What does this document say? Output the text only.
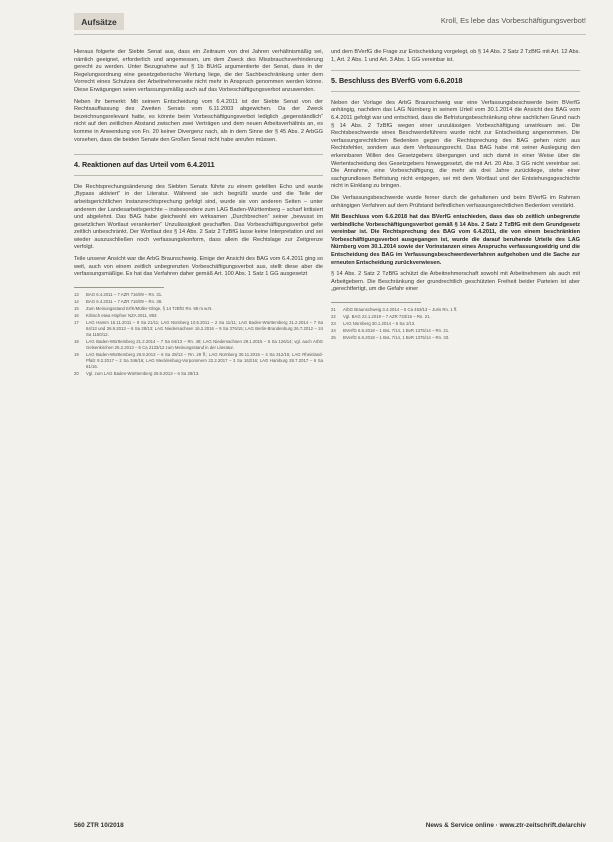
Aufsätze	Kroll, Es lebe das Vorbeschäftigungsverbot!

Hieraus folgerte der Siebte Senat aus, dass ein Zeitraum von drei Jahren verhältnismäßig sei, nämlich geeignet, erforderlich und angemessen, um dem Zweck des Missbrauchsverhinderung gerecht zu werden. Unter Bezugnahme auf § 1b BUrlG argumentierte der Senat, dass in der Regelungsordnung eine gesetzgeberische Wertung liege, die der Sachbeschränkung unter dem Vorrecht eines Schutzes der Arbeitnehmerseite nicht mehr in Anspruch genommen werden könne. Diese Erwägungen seien verfassungsmäßig auch auf das Vorbeschäftigungsverbot anzuwenden.

Neben ihr bemerkt: Mit seinem Entscheidung vom 6.4.2011 ist der Siebte Senat von der Rechtsauffassung des Zweiten Senats vom 6.11.2003 abgewichen. Da der Zweck bezeichnungsrelevant hatte, es könnte beim Vorbeschäftigungsverbot lediglich „gegenständlich“ nicht auf den zeitlichen Abstand zwischen zwei Verträgen und dem neuen Arbeitsverhältnis an, es komme in Anwendung von Fn. 20 keiner Divergenz nach, als in dem Sinne der § 45 Abs. 2 ArbGG vorsehen, dass die beiden Senate den Großen Senat nicht habe anrufen müssen.

4. Reaktionen auf das Urteil vom 6.4.2011

Die Rechtsprechungsänderung des Siebten Senats führte zu einem geteilten Echo und wurde „Bypass aktiviert“ in der Literatur. Während sie sich begrüßt wurde und die Teile der arbeitsgerichtlichen Instanzrechtsprechung gefolgt sind, wurde sie von anderen Seiten – unter anderem der Landesarbeitsgerichte – insbesondere zum LAG Baden-Württemberg – scharf kritisiert und abgelehnt. Das BAG habe gleichwohl ein wirksamen „Durchbrechen“ seiner „bewusst im gesetzlichen Wortlaut verankerten“ Unzulässigkeit geschaffen. Das Vorbeschäftigungsverbot gelte zeitlich unbeschränkt. Der Wortlaut des § 14 Abs. 2 Satz 2 TzBfG lasse keine Interpretation und sei wieder auszuschließen noch verfassungskonform, dass allein die Rechtslage zur Zeitgrenze verfolgt.

Teile unserer Ansicht war die ArbG Braunschweig. Einige der Ansicht des BAG vom 6.4.2011 ging so weit, auch von einem zeitlich unbegrenzten Vorbeschäftigungsverbot aus, stellt diese aber die verfassungsmäßige. Es hat das Verfahren daher gemäß Art. 100 Abs. 1 Satz 1 GG ausgesetzt

13	BAG 6.4.2011 – 7 AZR 716/09 – Rn. 31.
14	BAG 6.4.2011 – 7 AZR 716/09 – Rn. 38.
15	Zum Meinungsstand ErfK/Müller-Glöge, § 14 TzBfG Rn. 98 m.w.N.
16	Kritisch etwa Höpfner NZA 2011, 893.
17	LAG Hamm 15.11.2011 – 9 Sa 21/11; LAG Nürnberg 10.5.2011 – 2 Sa 11/11; LAG Baden-Württemberg 21.2.2014 – 7 Sa 64/13 und 26.9.2013 – 6 Sa 28/13; LAG Niedersachsen 16.2.2016 – 9 Sa 376/15; LAG Berlin-Brandenburg 26.7.2012 – 24 Sa 1150/12.
18	LAG Baden-Württemberg 21.2.2014 – 7 Sa 64/13 – Rn. 48; LAG Niedersachsen 29.1.2015 – 6 Sa 126/14; vgl. auch ArbG Gelsenkirchen 26.2.2013 – 5 Ca 2133/12 zum Meinungsstand in der Literatur.
19	LAG Baden-Württemberg 26.9.2013 – 6 Sa 28/13 – Rn. 29 ff.; LAG Nürnberg 30.11.2015 – 4 Sa 312/15; LAG Rheinland-Pfalz 9.2.2017 – 2 Sa 346/16; LAG Mecklenburg-Vorpommern 22.2.2017 – 3 Sa 162/16; LAG Hamburg 28.7.2017 – 6 Sa 61/16.
20	Vgl. zum LAG Baden-Württemberg 26.9.2013 – 6 Sa 28/13.

und dem BVerfG die Frage zur Entscheidung vorgelegt, ob § 14 Abs. 2 Satz 2 TzBfG mit Art. 12 Abs. 1, Art. 2 Abs. 1 und Art. 3 Abs. 1 GG vereinbar ist.

5. Beschluss des BVerfG vom 6.6.2018

Neben der Vorlage des ArbG Braunschweig war eine Verfassungsbeschwerde beim BVerfG anhängig, nachdem das LAG Nürnberg in seinem Urteil vom 30.1.2014 die Ansicht des BAG vom 6.4.2011 gefolgt war und entschied, dass die Befristungsbeschränkung ohne sachlichen Grund nach § 14 Abs. 2 TzBfG wegen einer unzulässigen Vorbeschäftigung unwirksam sei. Die Rechtsbeschwerde eines Beschwerdeführers wurde nicht zur Entscheidung angenommen. Die verfassungsrechtlichen Bedenken gegen die Rechtsprechung des BAG gehen nicht aus Rechtsfehler, sondern aus dem Verfassungsrecht. Das BAG habe mit seiner Auslegung den erkennbaren Willen des Gesetzgebers übergangen und sich damit in einer Weise über die Wertentscheidung des Gesetzgebers hinweggesetzt, die mit Art. 20 Abs. 3 GG nicht vereinbar sei. Die Annahme, eine Vorbeschäftigung, die mehr als drei Jahre zurückliege, stehe einer sachgrundlosen Befristung nicht entgegen, sei mit dem Wortlaut und der Entstehungsgeschichte nicht in Einklang zu bringen.

Die Verfassungsbeschwerde wurde ferner durch die gehaltenen und beim BVerfG im Rahmen anhängigen Verfahren auf dem Prüfstand befindlichen verfassungsrechtlichen Bedenken verstärkt.

Mit Beschluss vom 6.6.2018 hat das BVerfG entschieden, dass das ob zeitlich unbegrenzte verbindliche Vorbeschäftigungsverbot gemäß § 14 Abs. 2 Satz 2 TzBfG mit dem Grundgesetz vereinbar ist. Die Rechtsprechung des BAG vom 6.4.2011, die von einem beschränkten Vorbeschäftigungsverbot ausgegangen ist, wurde die darauf beruhende Urteile des LAG Nürnberg vom 30.1.2014 sowie der Vorinstanzen eines Anspruchs verfassungswidrig und die Entscheidung des BAG im Verfassungsbeschwerdeverfahren aufgehoben und die Sache zur erneuten Entscheidung zurückverwiesen.

§ 14 Abs. 2 Satz 2 TzBfG schützt die Arbeitnehmerschaft sowohl mit Arbeitnehmern als auch mit Arbeitgebern. Die Beschränkung der grundrechtlich geschützten Freiheit beider Parteien ist aber „gerechtfertigt, um die Gefahr einer

21	ArbG Braunschweig 3.4.2014 – 5 Ca 463/13 – Juris Rn. 1 ff.
22	Vgl. BAG 23.1.2019 – 7 AZR 733/16 – Rn. 21.
23	LAG Nürnberg 30.1.2014 – 5 Sa 1/13.
24	BVerfG 6.6.2018 – 1 BvL 7/14, 1 BvR 1375/14 – Rn. 21.
25	BVerfG 6.6.2018 – 1 BvL 7/14, 1 BvR 1375/14 – Rn. 33.
560 ZTR 10/2018	News & Service online · www.ztr-zeitschrift.de/archiv
